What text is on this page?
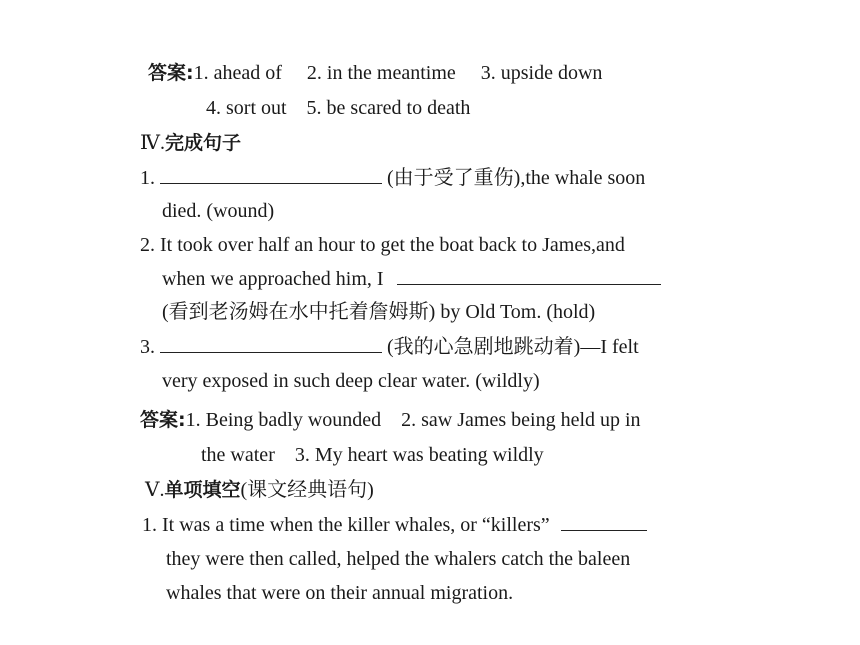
答案:1. ahead of　 2. in the meantime　 3. upside down
4. sort out　5. be scared to death
Ⅳ.完成句子
1.	(由于受了重伤),the whale soon
died. (wound)
2. It took over half an hour to get the boat back to James,and
when we approached him, I
(看到老汤姆在水中托着詹姆斯) by Old Tom. (hold)
3.	(我的心急剧地跳动着)—I felt
very exposed in such deep clear water. (wildly)
答案:1. Being badly wounded　2. saw James being held up in
the water　3. My heart was beating wildly
Ⅴ.单项填空(课文经典语句)
1. It was a time when the killer whales, or “killers”
they were then called, helped the whalers catch the baleen
whales that were on their annual migration.
